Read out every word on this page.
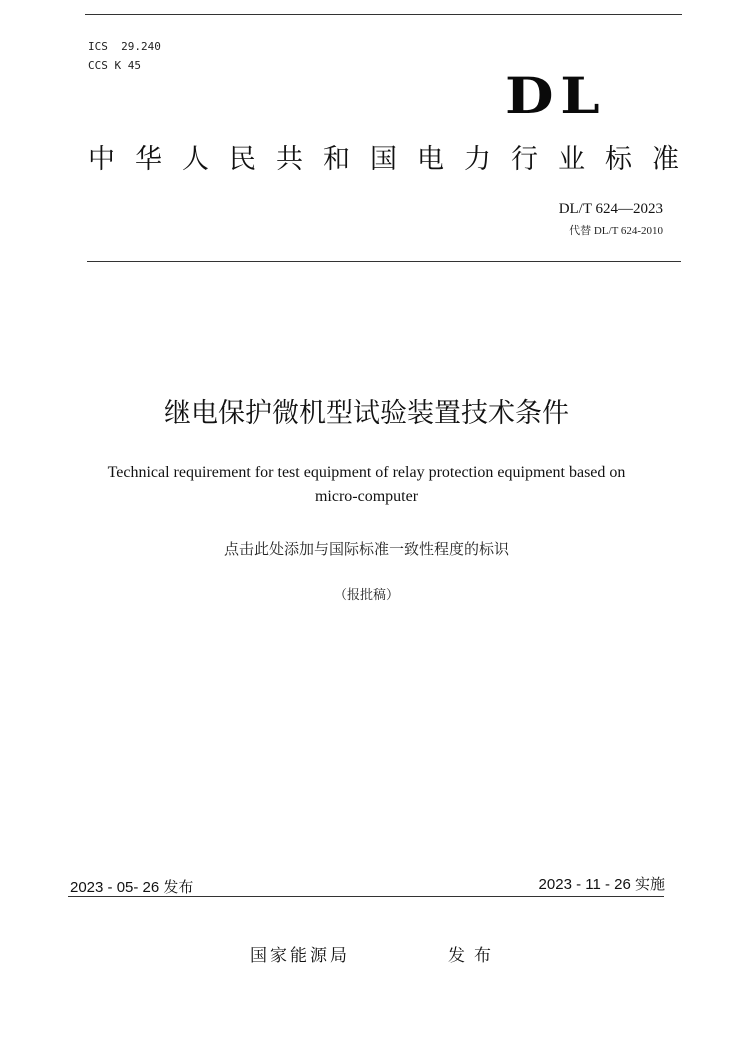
ICS  29.240
CCS K 45
DL
中华人民共和国电力行业标准
DL/T 624—2023
代替 DL/T 624-2010
继电保护微机型试验装置技术条件
Technical requirement for test equipment of relay protection equipment based on
micro-computer
点击此处添加与国际标准一致性程度的标识
（报批稿）
2023 - 05- 26 发布	2023 - 11 - 26 实施
国家能源局	发布
